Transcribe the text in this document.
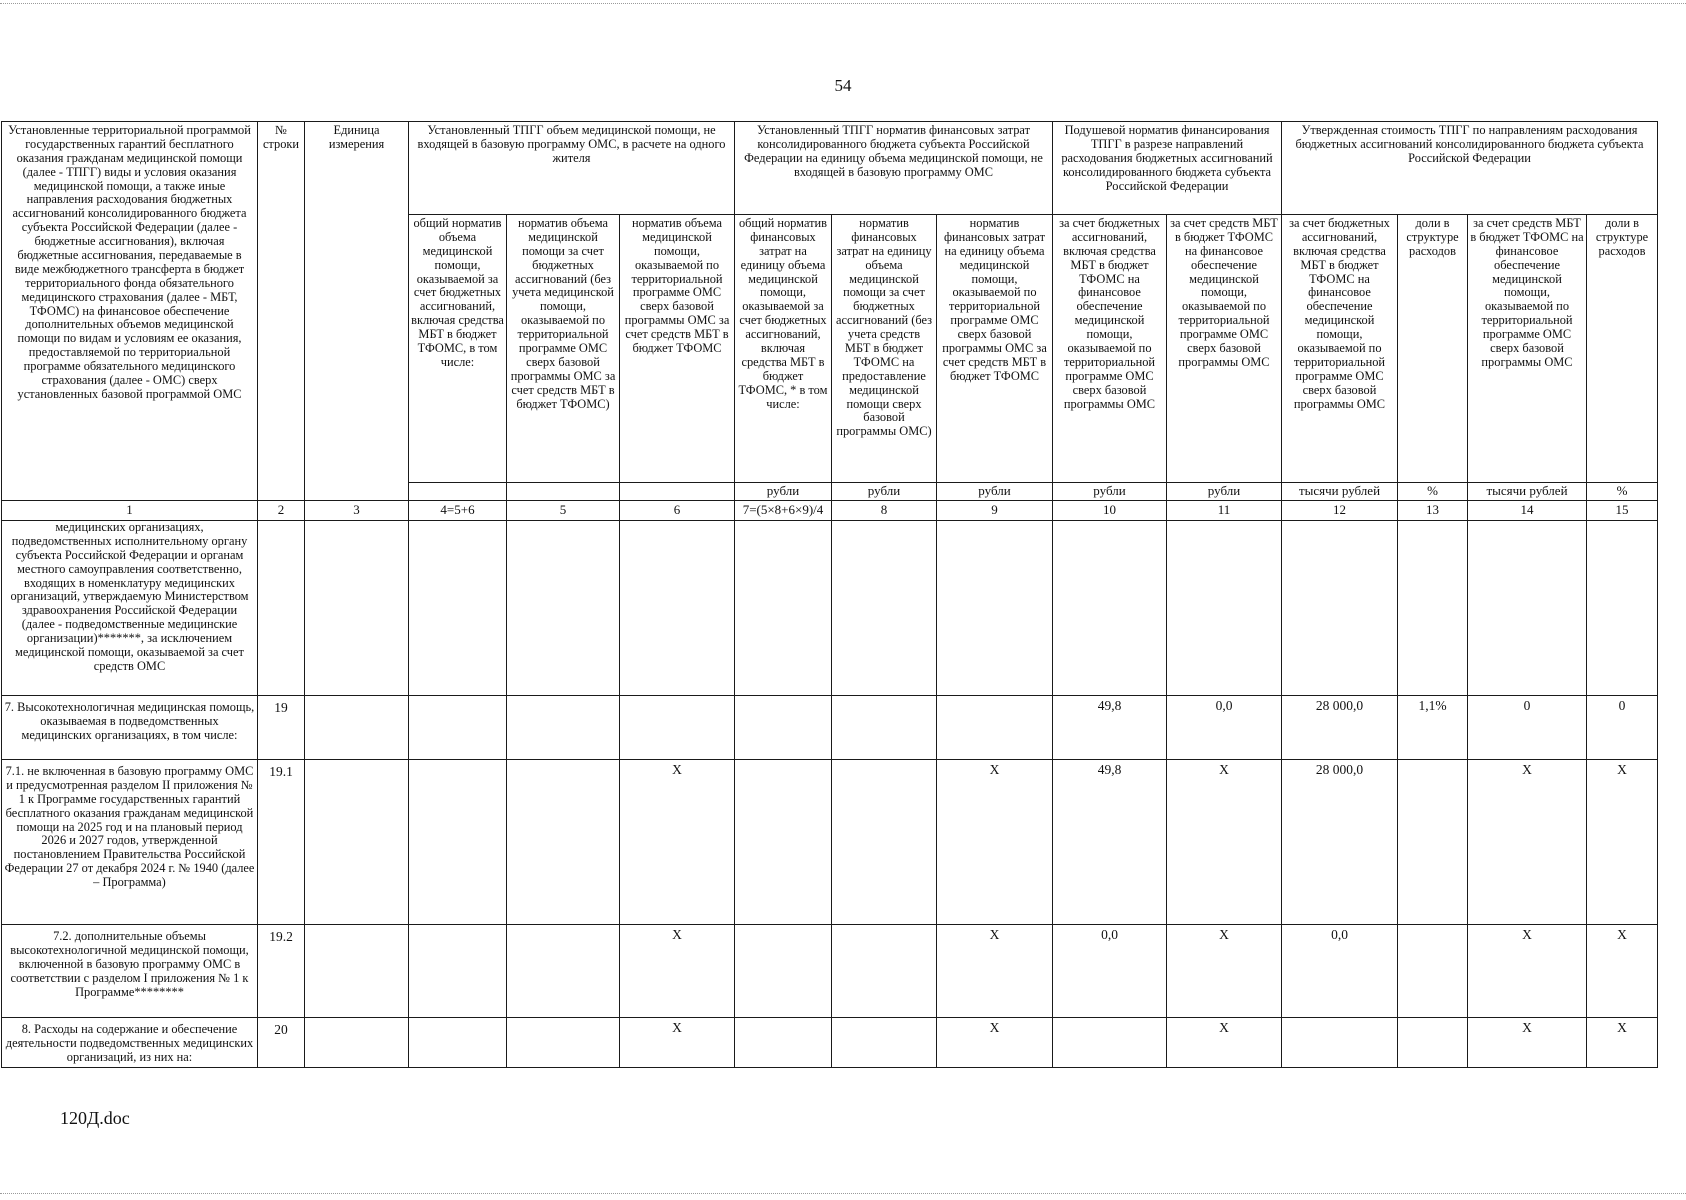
54
Установленные территориальной программой государственных гарантий бесплатного оказания гражданам медицинской помощи (далее - ТПГГ) виды и условия оказания медицинской помощи, а также иные направления расходования бюджетных ассигнований консолидированного бюджета субъекта Российской Федерации (далее - бюджетные ассигнования), включая бюджетные ассигнования, передаваемые в виде межбюджетного трансферта в бюджет территориального фонда обязательного медицинского страхования (далее - МБТ, ТФОМС) на финансовое обеспечение дополнительных объемов медицинской помощи по видам и условиям ее оказания, предоставляемой по территориальной программе обязательного медицинского страхования (далее - ОМС) сверх установленных базовой программой ОМС	№ строки	Единица измерения	Установленный ТПГГ объем медицинской помощи, не входящей в базовую программу ОМС, в расчете на одного жителя			Установленный ТПГГ норматив финансовых затрат консолидированного бюджета субъекта Российской Федерации на единицу объема медицинской помощи, не входящей в базовую программу ОМС			Подушевой норматив финансирования ТПГГ в разрезе направлений расходования бюджетных ассигнований консолидированного бюджета субъекта Российской Федерации		Утвержденная стоимость ТПГГ по направлениям расходования бюджетных ассигнований консолидированного бюджета субъекта Российской Федерации			
			общий норматив объема медицинской помощи, оказываемой за счет бюджетных ассигнований, включая средства МБТ в бюджет ТФОМС, в том числе:	норматив объема медицинской помощи за счет бюджетных ассигнований (без учета медицинской помощи, оказываемой по территориальной программе ОМС сверх базовой программы ОМС за счет средств МБТ в бюджет ТФОМС)	норматив объема медицинской помощи, оказываемой по территориальной программе ОМС сверх базовой программы ОМС за счет средств МБТ в бюджет ТФОМС	общий норматив финансовых затрат на единицу объема медицинской помощи, оказываемой за счет бюджетных ассигнований, включая средства МБТ в бюджет ТФОМС, * в том числе:	норматив финансовых затрат на единицу объема медицинской помощи за счет бюджетных ассигнований (без учета средств МБТ в бюджет ТФОМС на предоставление медицинской помощи сверх базовой программы ОМС)	норматив финансовых затрат на единицу объема медицинской помощи, оказываемой по территориальной программе ОМС сверх базовой программы ОМС за счет средств МБТ в бюджет ТФОМС	за счет бюджетных ассигнований, включая средства МБТ в бюджет ТФОМС на финансовое обеспечение медицинской помощи, оказываемой по территориальной программе ОМС сверх базовой программы ОМС	за счет средств МБТ в бюджет ТФОМС на финансовое обеспечение медицинской помощи, оказываемой по территориальной программе ОМС сверх базовой программы ОМС	за счет бюджетных ассигнований, включая средства МБТ в бюджет ТФОМС на финансовое обеспечение медицинской помощи, оказываемой по территориальной программе ОМС сверх базовой программы ОМС	доли в структуре расходов	за счет средств МБТ в бюджет ТФОМС на финансовое обеспечение медицинской помощи, оказываемой по территориальной программе ОМС сверх базовой программы ОМС	доли в структуре расходов
						рубли	рубли	рубли	рубли	рубли	тысячи рублей	%	тысячи рублей	%
1	2	3	4=5+6	5	6	7=(5×8+6×9)/4	8	9	10	11	12	13	14	15
медицинских организациях, подведомственных исполнительному органу субъекта Российской Федерации и органам местного самоуправления соответственно, входящих в номенклатуру медицинских организаций, утверждаемую Министерством здравоохранения Российской Федерации (далее - подведомственные медицинские организации)*******, за исключением медицинской помощи, оказываемой за счет средств ОМС														
7. Высокотехнологичная медицинская помощь, оказываемая в подведомственных медицинских организациях, в том числе:	19								49,8	0,0	28 000,0	1,1%	0	0
7.1. не включенная в базовую программу ОМС и предусмотренная разделом II приложения № 1 к Программе государственных гарантий бесплатного оказания гражданам медицинской помощи на 2025 год и на плановый период 2026 и 2027 годов, утвержденной постановлением Правительства Российской Федерации 27 от декабря 2024 г. № 1940 (далее – Программа)	19.1				X			X	49,8	X	28 000,0		X	X
7.2. дополнительные объемы высокотехнологичной медицинской помощи, включенной в базовую программу ОМС в соответствии с разделом I приложения № 1 к Программе********	19.2				X			X	0,0	X	0,0		X	X
8. Расходы на содержание и обеспечение деятельности подведомственных медицинских организаций, из них на:	20				X			X		X			X	X
120Д.doc
